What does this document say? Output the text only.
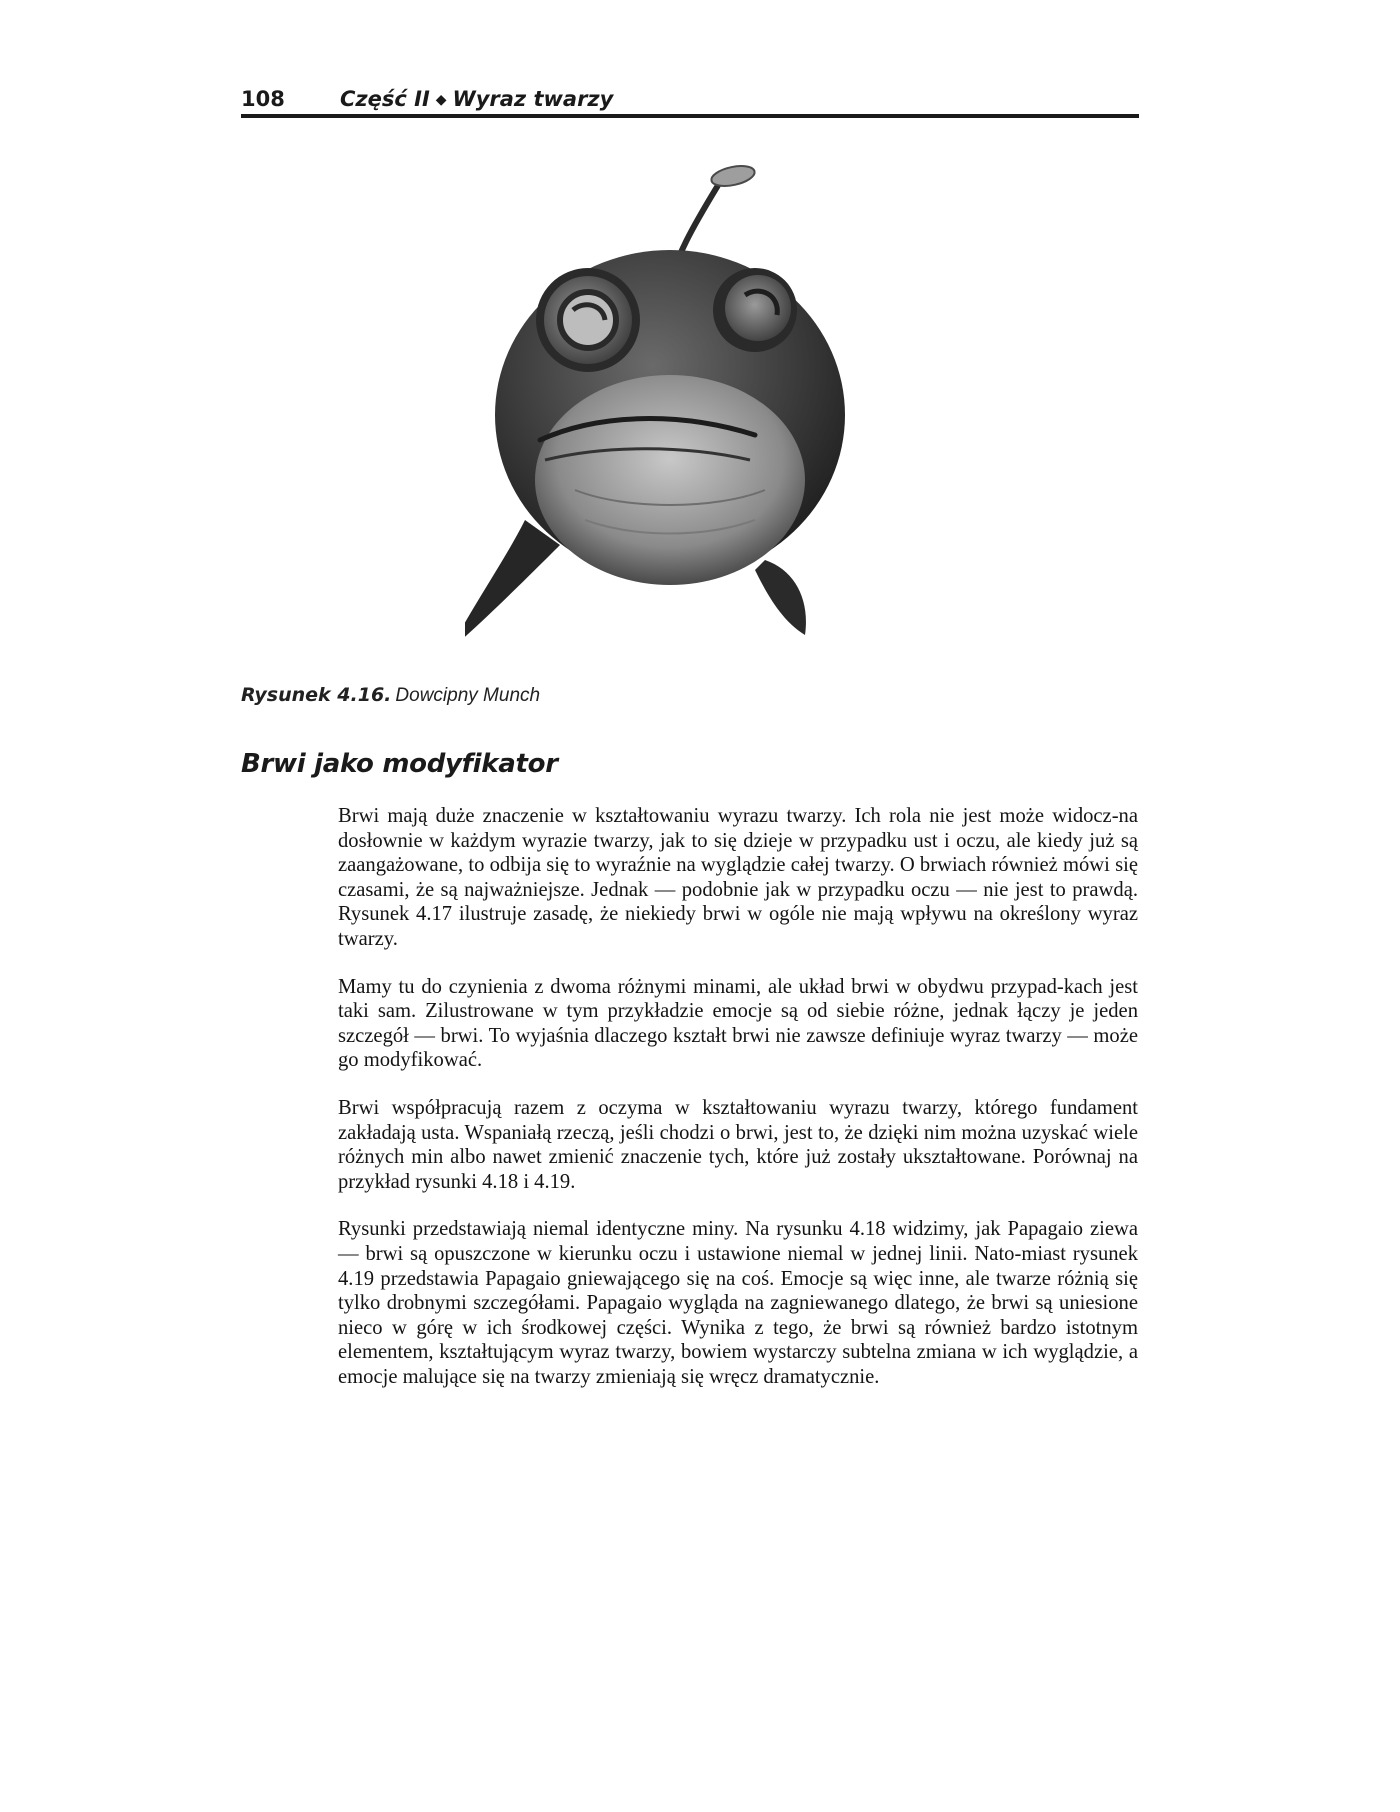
108	Część II ◆ Wyraz twarzy
Rysunek 4.16. Dowcipny Munch
Brwi jako modyfikator

Brwi mają duże znaczenie w kształtowaniu wyrazu twarzy. Ich rola nie jest może widocz-na dosłownie w każdym wyrazie twarzy, jak to się dzieje w przypadku ust i oczu, ale kiedy już są zaangażowane, to odbija się to wyraźnie na wyglądzie całej twarzy. O brwiach również mówi się czasami, że są najważniejsze. Jednak — podobnie jak w przypadku oczu — nie jest to prawdą. Rysunek 4.17 ilustruje zasadę, że niekiedy brwi w ogóle nie mają wpływu na określony wyraz twarzy.

Mamy tu do czynienia z dwoma różnymi minami, ale układ brwi w obydwu przypad-kach jest taki sam. Zilustrowane w tym przykładzie emocje są od siebie różne, jednak łączy je jeden szczegół — brwi. To wyjaśnia dlaczego kształt brwi nie zawsze definiuje wyraz twarzy — może go modyfikować.

Brwi współpracują razem z oczyma w kształtowaniu wyrazu twarzy, którego fundament zakładają usta. Wspaniałą rzeczą, jeśli chodzi o brwi, jest to, że dzięki nim można uzyskać wiele różnych min albo nawet zmienić znaczenie tych, które już zostały ukształtowane. Porównaj na przykład rysunki 4.18 i 4.19.

Rysunki przedstawiają niemal identyczne miny. Na rysunku 4.18 widzimy, jak Papagaio ziewa — brwi są opuszczone w kierunku oczu i ustawione niemal w jednej linii. Nato-miast rysunek 4.19 przedstawia Papagaio gniewającego się na coś. Emocje są więc inne, ale twarze różnią się tylko drobnymi szczegółami. Papagaio wygląda na zagniewanego dlatego, że brwi są uniesione nieco w górę w ich środkowej części. Wynika z tego, że brwi są również bardzo istotnym elementem, kształtującym wyraz twarzy, bowiem wystarczy subtelna zmiana w ich wyglądzie, a emocje malujące się na twarzy zmieniają się wręcz dramatycznie.
